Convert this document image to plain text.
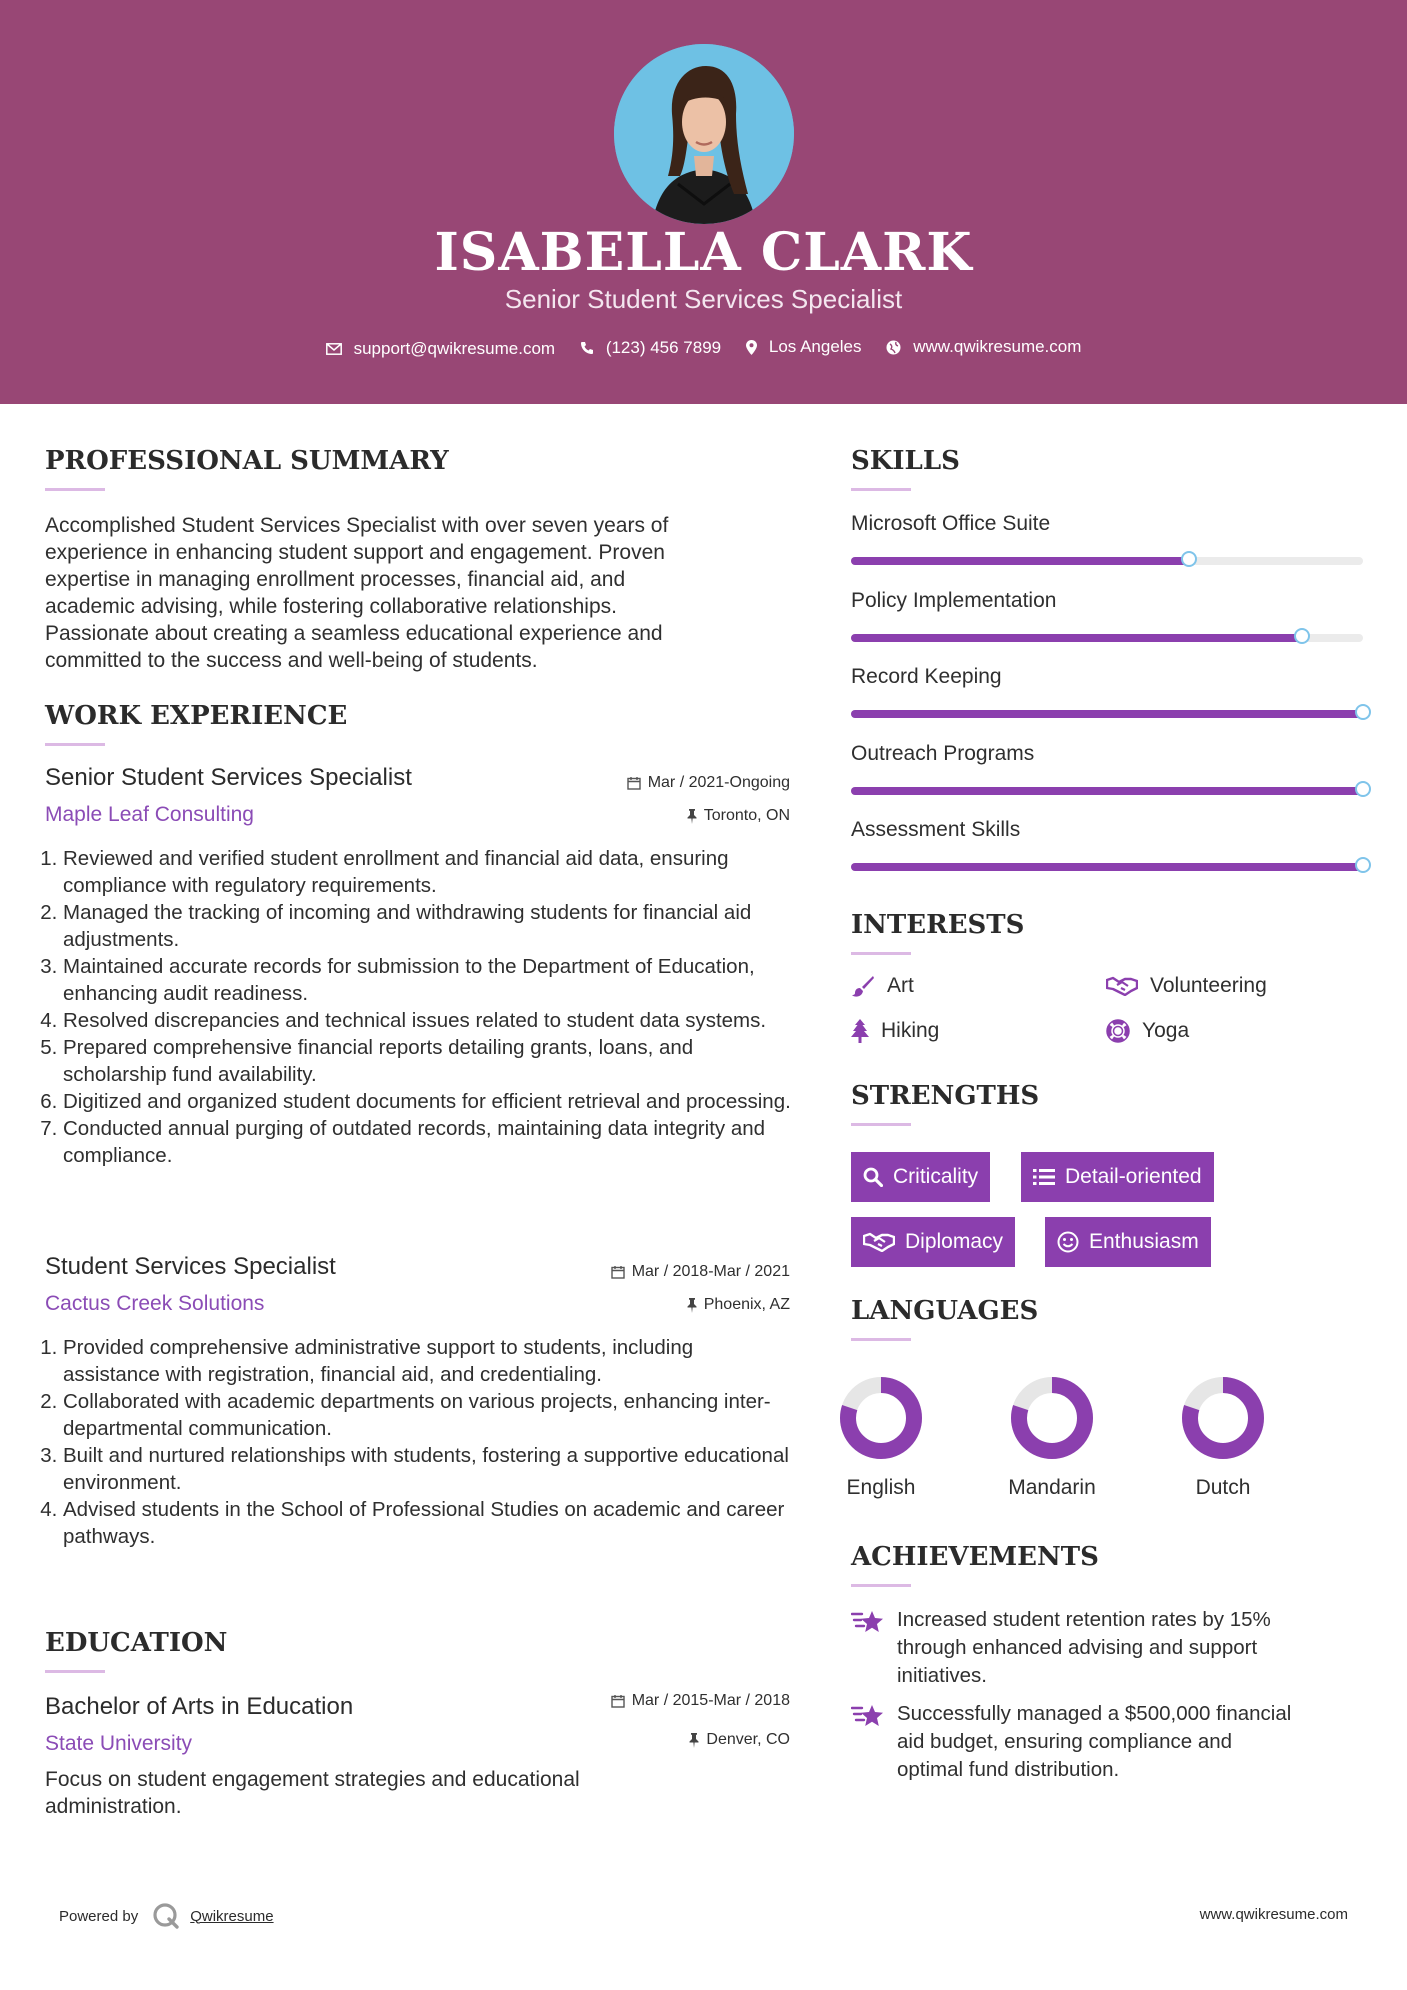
ISABELLA CLARK
Senior Student Services Specialist
support@qwikresume.com
	(123) 456 7899
	Los Angeles
	www.qwikresume.com
PROFESSIONAL SUMMARY
Accomplished Student Services Specialist with over seven years of
experience in enhancing student support and engagement. Proven
expertise in managing enrollment processes, financial aid, and
academic advising, while fostering collaborative relationships.
Passionate about creating a seamless educational experience and
committed to the success and well-being of students.
WORK EXPERIENCE
Senior Student Services Specialist	Mar / 2021-Ongoing
Maple Leaf Consulting	Toronto, ON
1. Reviewed and verified student enrollment and financial aid data, ensuring compliance with regulatory requirements.
2. Managed the tracking of incoming and withdrawing students for financial aid adjustments.
3. Maintained accurate records for submission to the Department of Education, enhancing audit readiness.
4. Resolved discrepancies and technical issues related to student data systems.
5. Prepared comprehensive financial reports detailing grants, loans, and scholarship fund availability.
6. Digitized and organized student documents for efficient retrieval and processing.
7. Conducted annual purging of outdated records, maintaining data integrity and compliance.
Student Services Specialist	Mar / 2018-Mar / 2021
Cactus Creek Solutions	Phoenix, AZ
1. Provided comprehensive administrative support to students, including assistance with registration, financial aid, and credentialing.
2. Collaborated with academic departments on various projects, enhancing inter-departmental communication.
3. Built and nurtured relationships with students, fostering a supportive educational environment.
4. Advised students in the School of Professional Studies on academic and career pathways.
EDUCATION
Bachelor of Arts in Education	Mar / 2015-Mar / 2018
State University	Denver, CO
Focus on student engagement strategies and educational
administration.
SKILLS
Microsoft Office Suite
Policy Implementation
Record Keeping
Outreach Programs
Assessment Skills
INTERESTS
Art	Volunteering
Hiking	Yoga
STRENGTHS
Criticality	Detail-oriented
Diplomacy	Enthusiasm
LANGUAGES
English	Mandarin	Dutch
ACHIEVEMENTS
Increased student retention rates by 15%
through enhanced advising and support
initiatives.
Successfully managed a $500,000 financial
aid budget, ensuring compliance and
optimal fund distribution.
Powered by	Qwikresume	www.qwikresume.com
